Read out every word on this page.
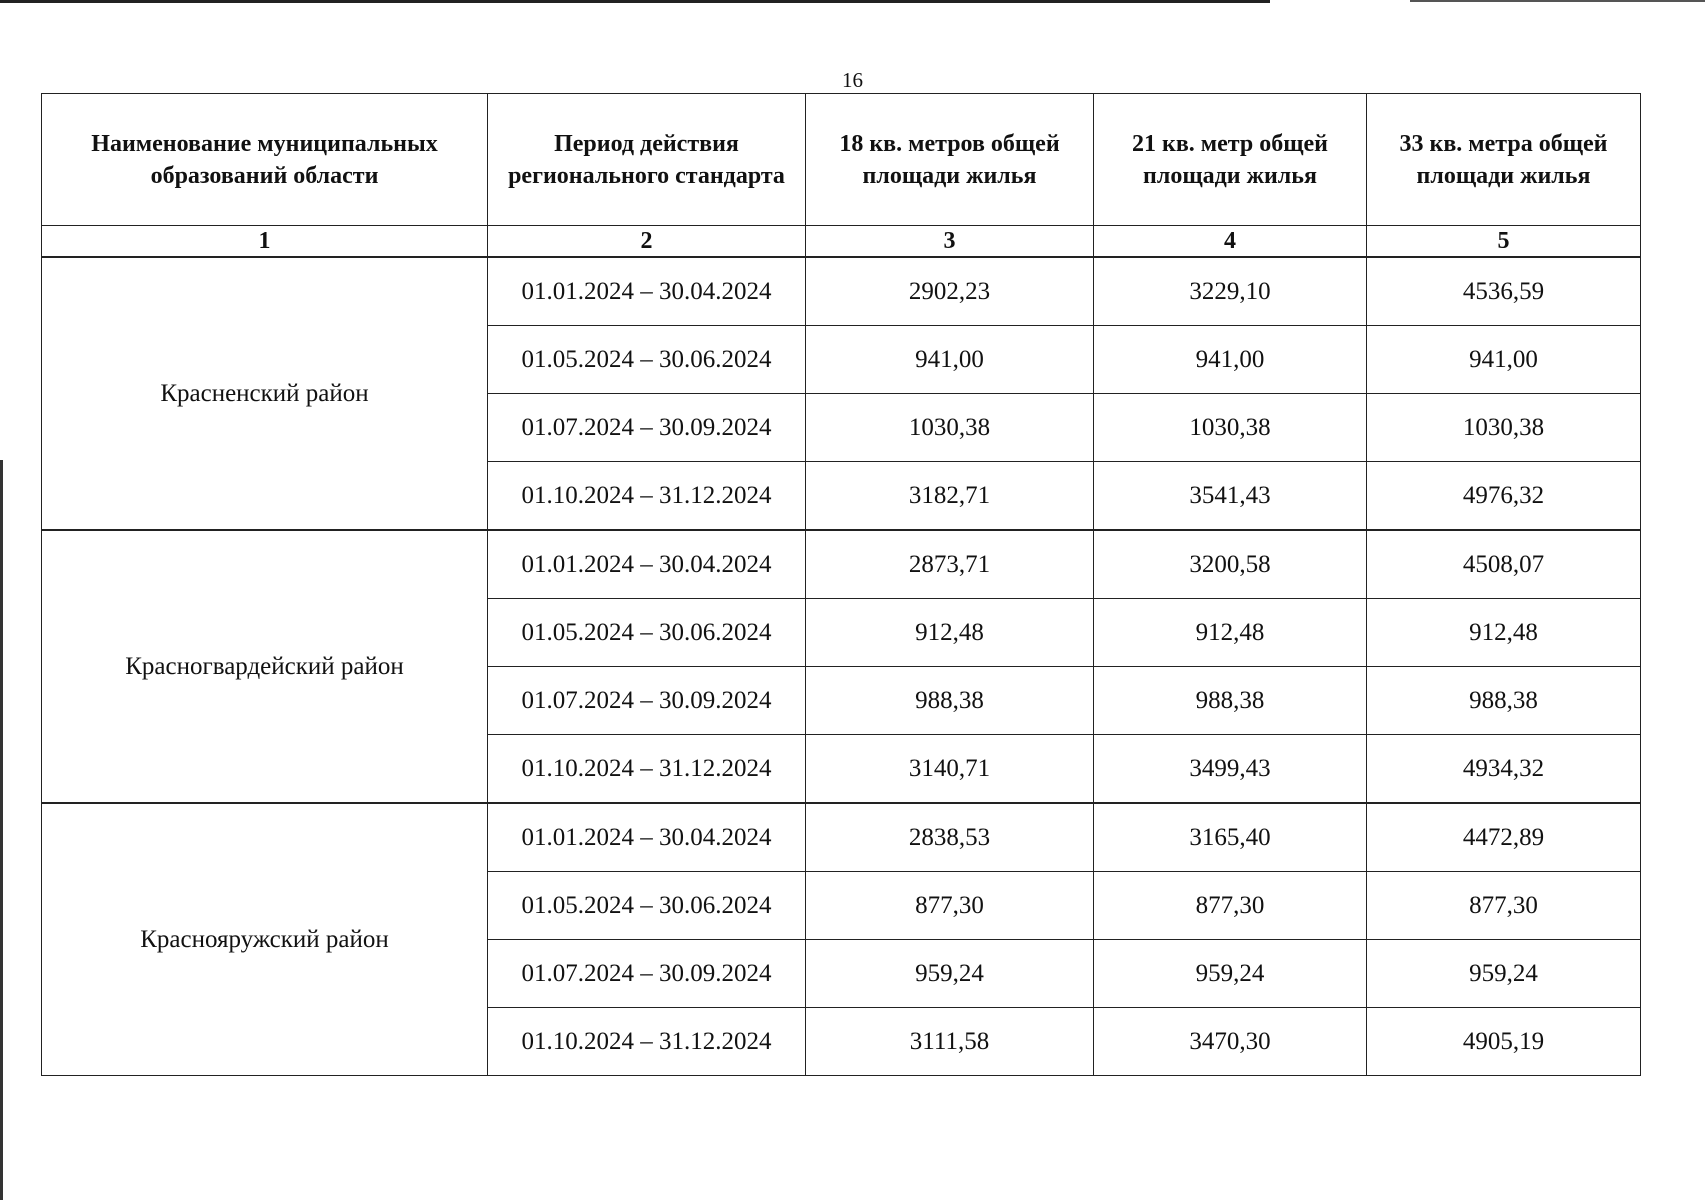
16
Наименование муниципальных образований области	Период действия регионального стандарта	18 кв. метров общей площади жилья	21 кв. метр общей площади жилья	33 кв. метра общей площади жилья
1	2	3	4	5
Красненский район	01.01.2024 – 30.04.2024	2902,23	3229,10	4536,59
	01.05.2024 – 30.06.2024	941,00	941,00	941,00
	01.07.2024 – 30.09.2024	1030,38	1030,38	1030,38
	01.10.2024 – 31.12.2024	3182,71	3541,43	4976,32
Красногвардейский район	01.01.2024 – 30.04.2024	2873,71	3200,58	4508,07
	01.05.2024 – 30.06.2024	912,48	912,48	912,48
	01.07.2024 – 30.09.2024	988,38	988,38	988,38
	01.10.2024 – 31.12.2024	3140,71	3499,43	4934,32
Краснояружский район	01.01.2024 – 30.04.2024	2838,53	3165,40	4472,89
	01.05.2024 – 30.06.2024	877,30	877,30	877,30
	01.07.2024 – 30.09.2024	959,24	959,24	959,24
	01.10.2024 – 31.12.2024	3111,58	3470,30	4905,19
